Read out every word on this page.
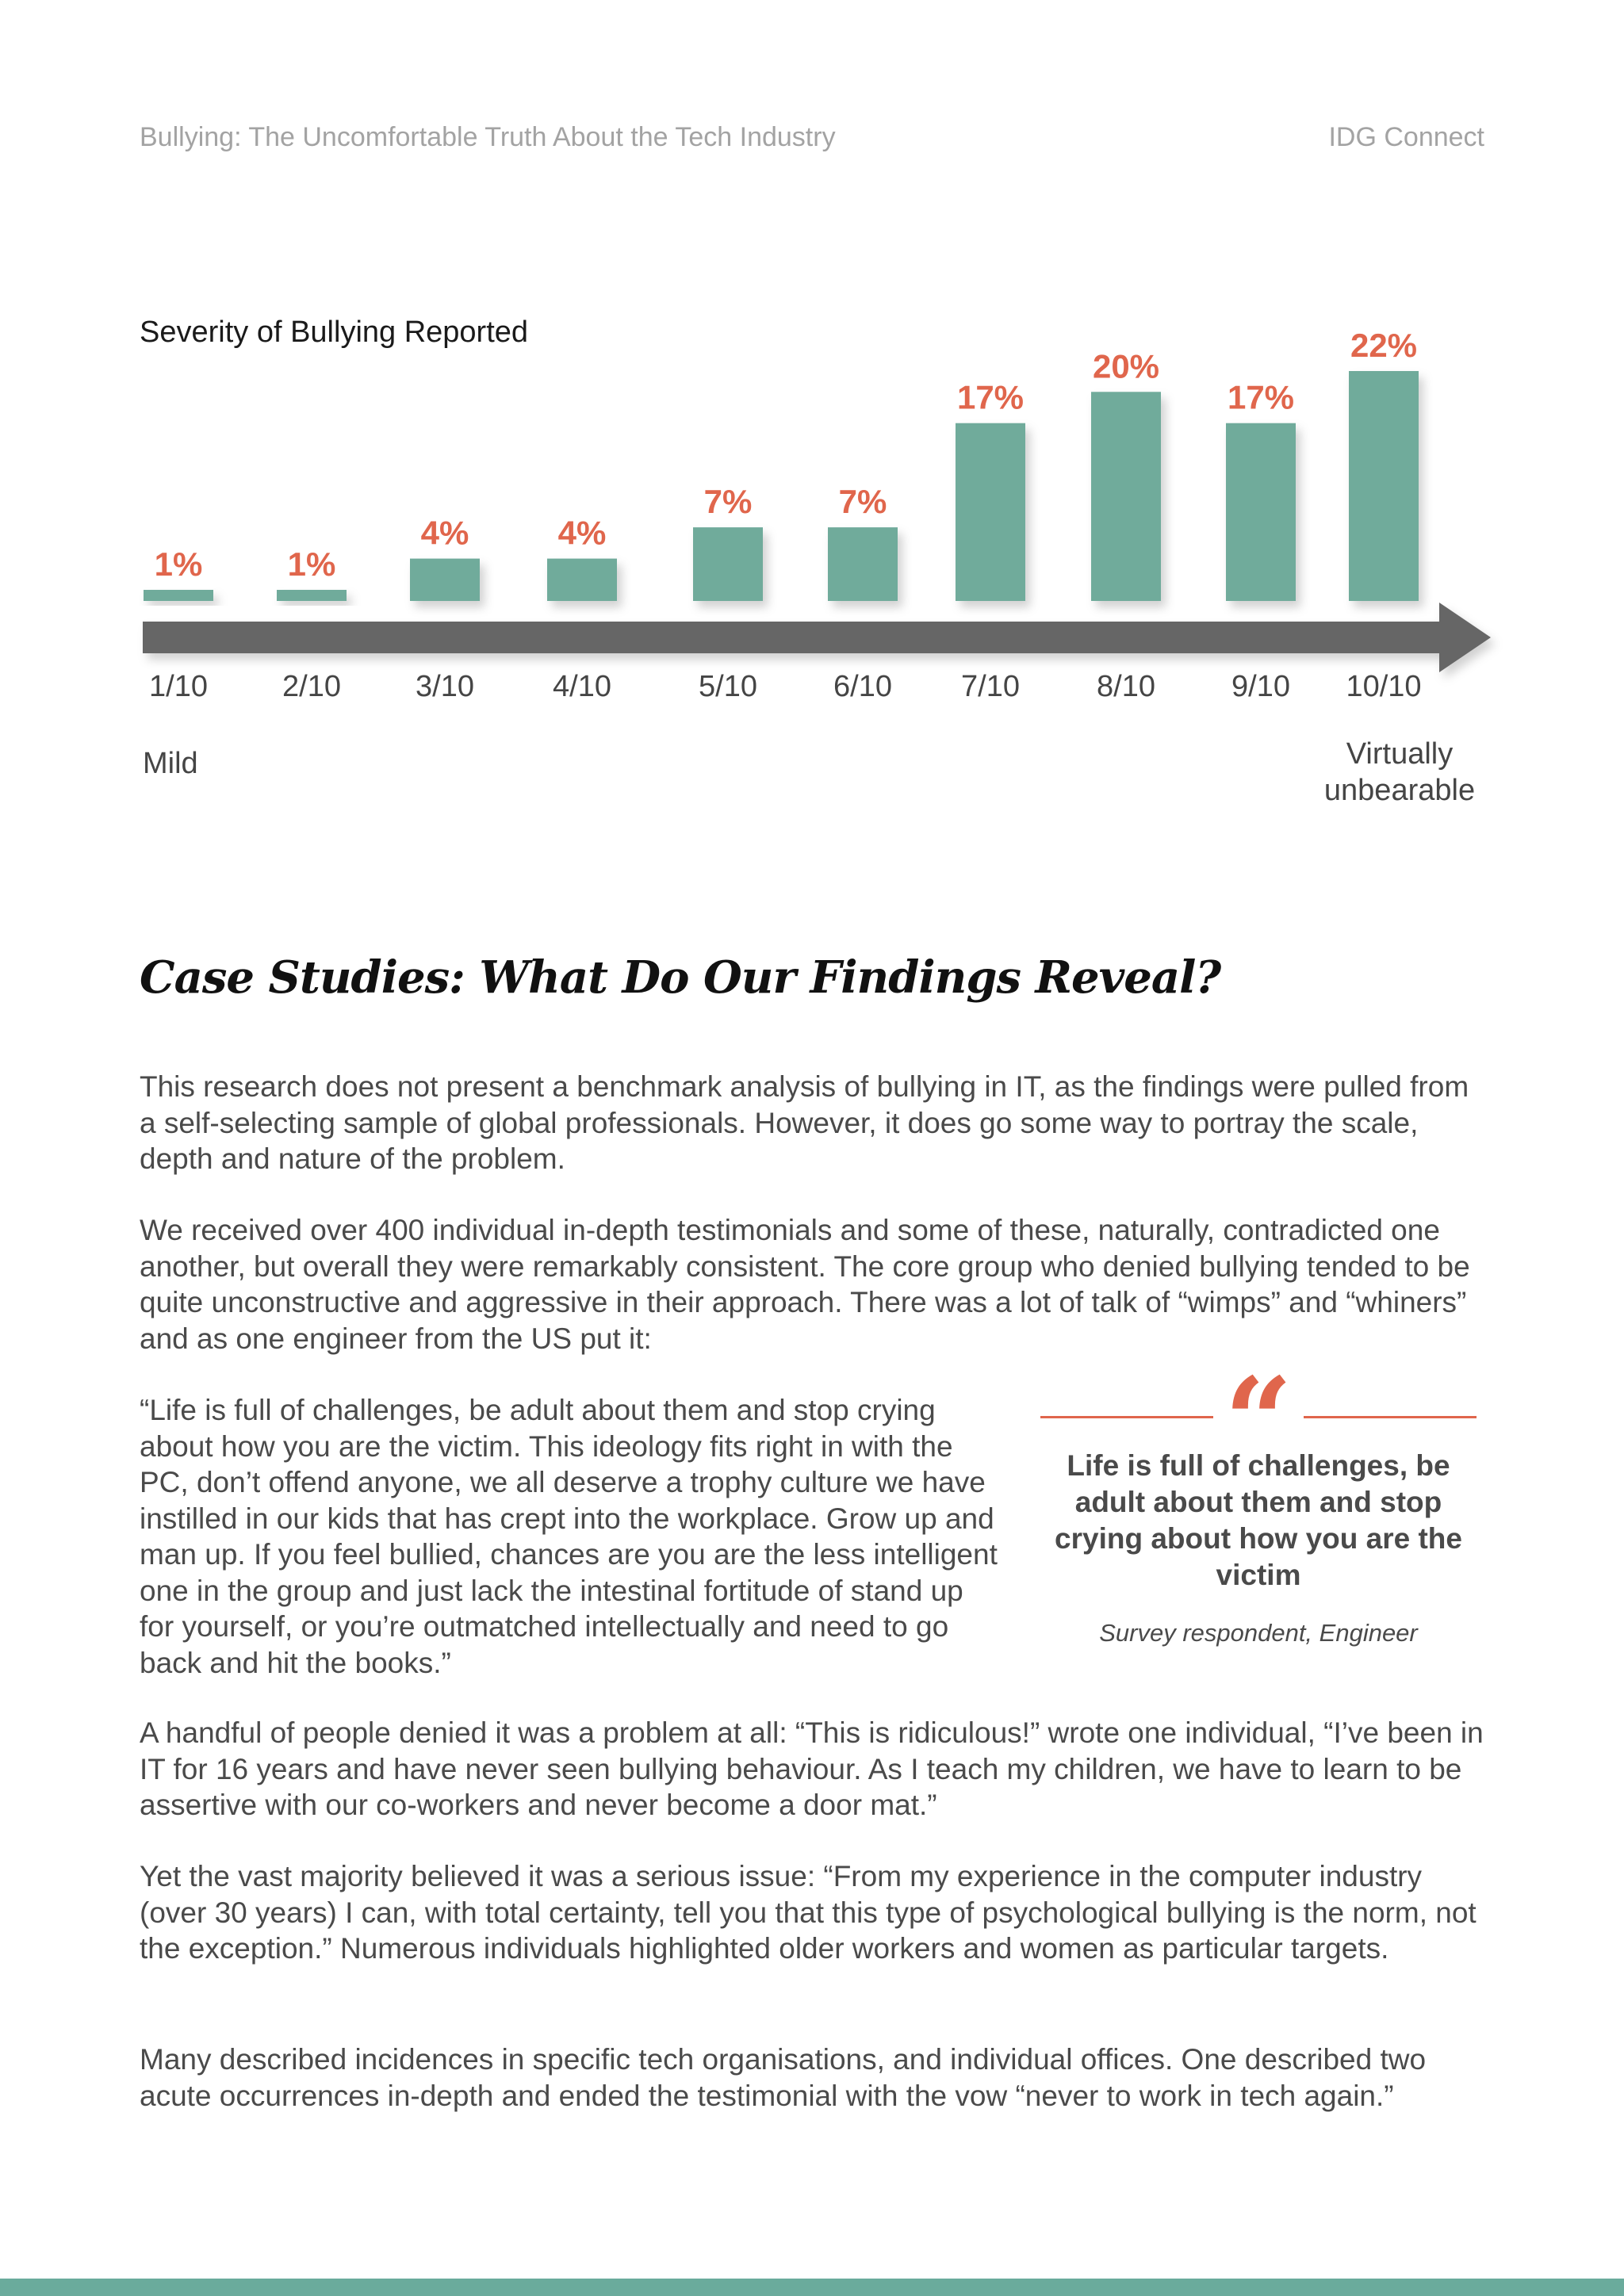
Bullying: The Uncomfortable Truth About the Tech Industry	IDG Connect
Severity of Bullying Reported
1%
1/10
1%
2/10
4%
3/10
4%
4/10
7%
5/10
7%
6/10
17%
7/10
20%
8/10
17%
9/10
22%
10/10
Mild	Virtually
unbearable
Case Studies: What Do Our Findings Reveal?

This research does not present a benchmark analysis of bullying in IT, as the findings were pulled from a self-selecting sample of global professionals. However, it does go some way to portray the scale, depth and nature of the problem.

We received over 400 individual in-depth testimonials and some of these, naturally, contradicted one another, but overall they were remarkably consistent. The core group who denied bullying tended to be quite unconstructive and aggressive in their approach. There was a lot of talk of “wimps” and “whiners” and as one engineer from the US put it:

“Life is full of challenges, be adult about them and stop crying about how you are the victim. This ideology fits right in with the PC, don’t offend anyone, we all deserve a trophy culture we have instilled in our kids that has crept into the workplace. Grow up and man up. If you feel bullied, chances are you are the less intelligent one in the group and just lack the intestinal fortitude of stand up for yourself, or you’re outmatched intellectually and need to go back and hit the books.”

A handful of people denied it was a problem at all: “This is ridiculous!” wrote one individual, “I’ve been in IT for 16 years and have never seen bullying behaviour. As I teach my children, we have to learn to be assertive with our co-workers and never become a door mat.”

Yet the vast majority believed it was a serious issue: “From my experience in the computer industry (over 30 years) I can, with total certainty, tell you that this type of psychological bullying is the norm, not the exception.” Numerous individuals highlighted older workers and women as particular targets.

Many described incidences in specific tech organisations, and individual offices. One described two acute occurrences in-depth and ended the testimonial with the vow “never to work in tech again.”

“
Life is full of challenges, be adult about them and stop crying about how you are the victim
Survey respondent, Engineer
